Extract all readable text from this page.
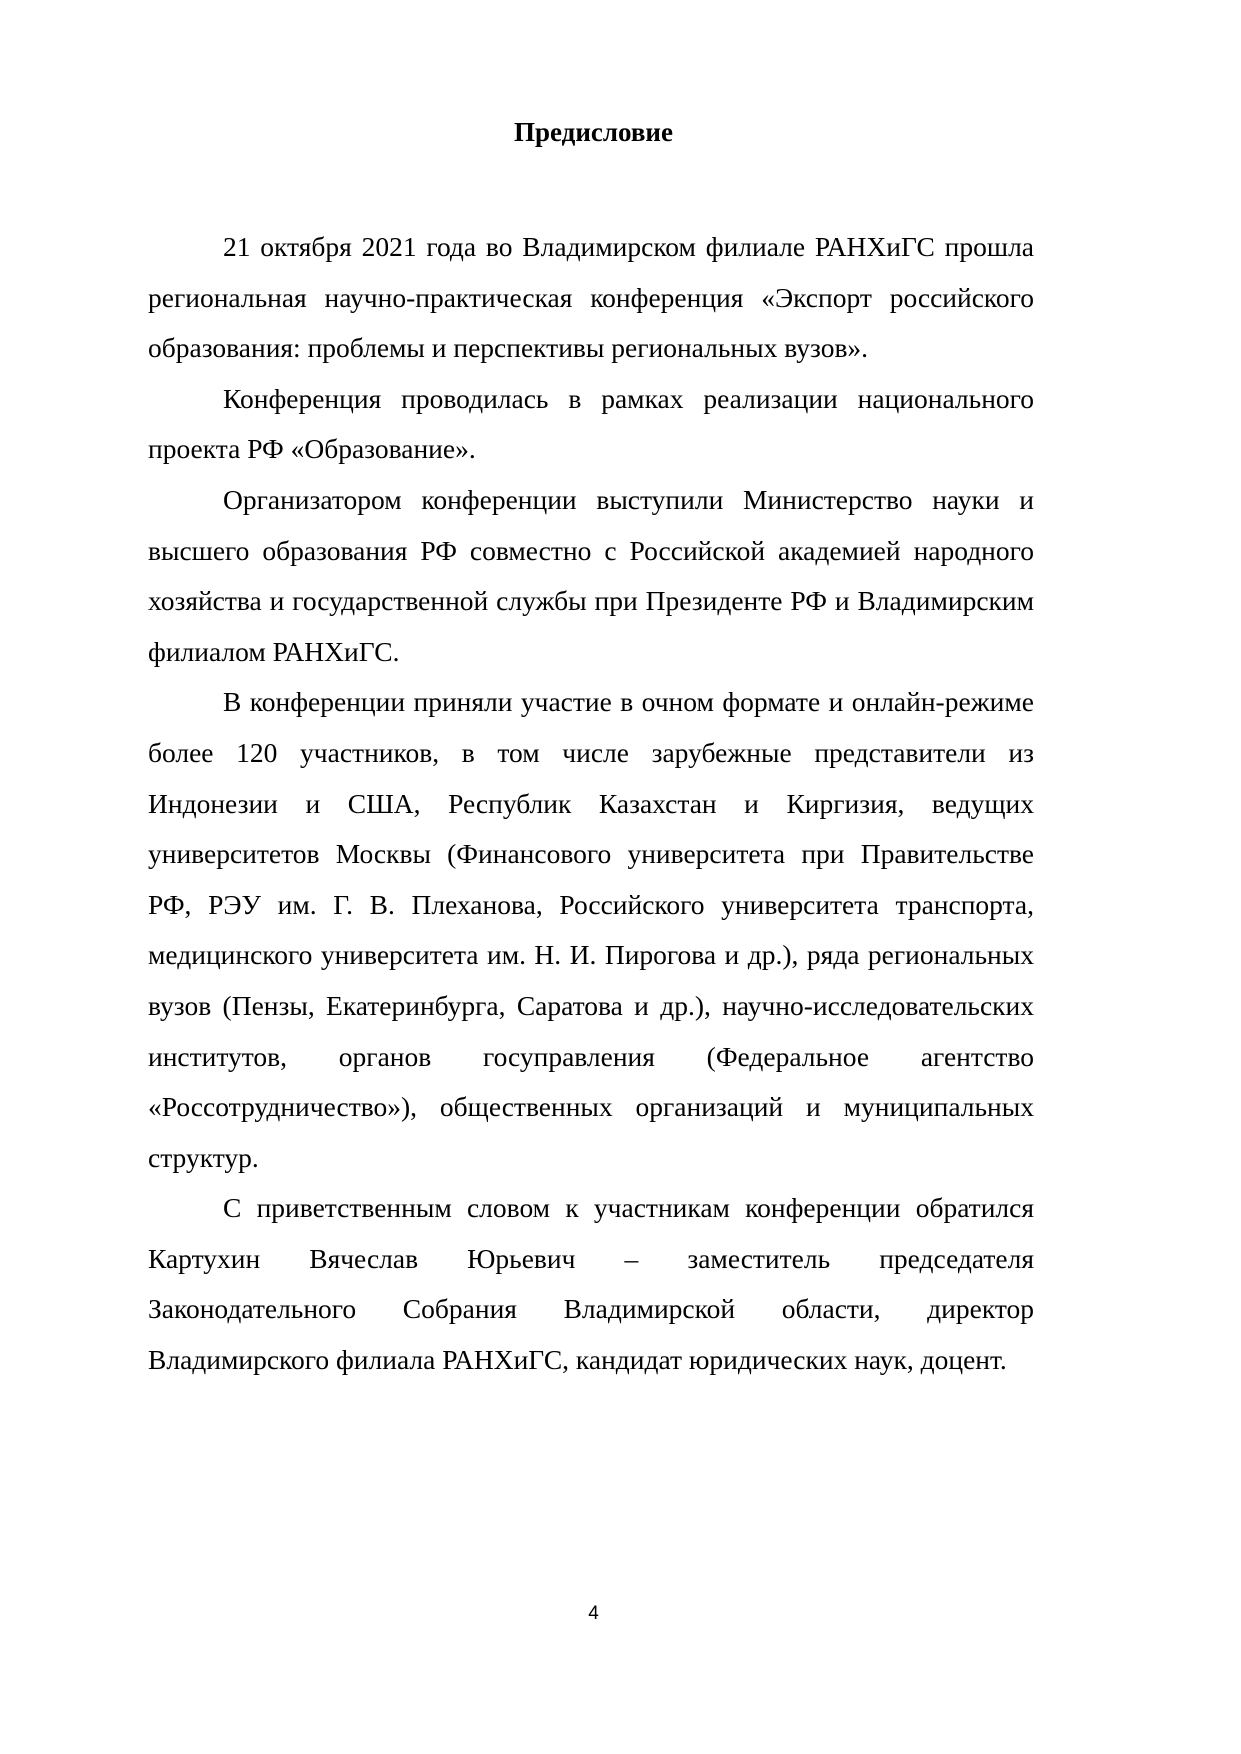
Предисловие

21 октября 2021 года во Владимирском филиале РАНХиГС прошла региональная научно-практическая конференция «Экспорт российского образования: проблемы и перспективы региональных вузов».

Конференция проводилась в рамках реализации национального проекта РФ «Образование».

Организатором конференции выступили Министерство науки и высшего образования РФ совместно с Российской академией народного хозяйства и государственной службы при Президенте РФ и Владимирским филиалом РАНХиГС.

В конференции приняли участие в очном формате и онлайн-режиме более 120 участников, в том числе зарубежные представители из Индонезии и США, Республик Казахстан и Киргизия, ведущих университетов Москвы (Финансового университета при Правительстве РФ, РЭУ им. Г. В. Плеханова, Российского университета транспорта, медицинского университета им. Н. И. Пирогова и др.), ряда региональных вузов (Пензы, Екатеринбурга, Саратова и др.), научно-исследовательских институтов, органов госуправления (Федеральное агентство «Россотрудничество»), общественных организаций и муниципальных структур.

С приветственным словом к участникам конференции обратился Картухин Вячеслав Юрьевич – заместитель председателя Законодательного Собрания Владимирской области, директор Владимирского филиала РАНХиГС, кандидат юридических наук, доцент.

4
